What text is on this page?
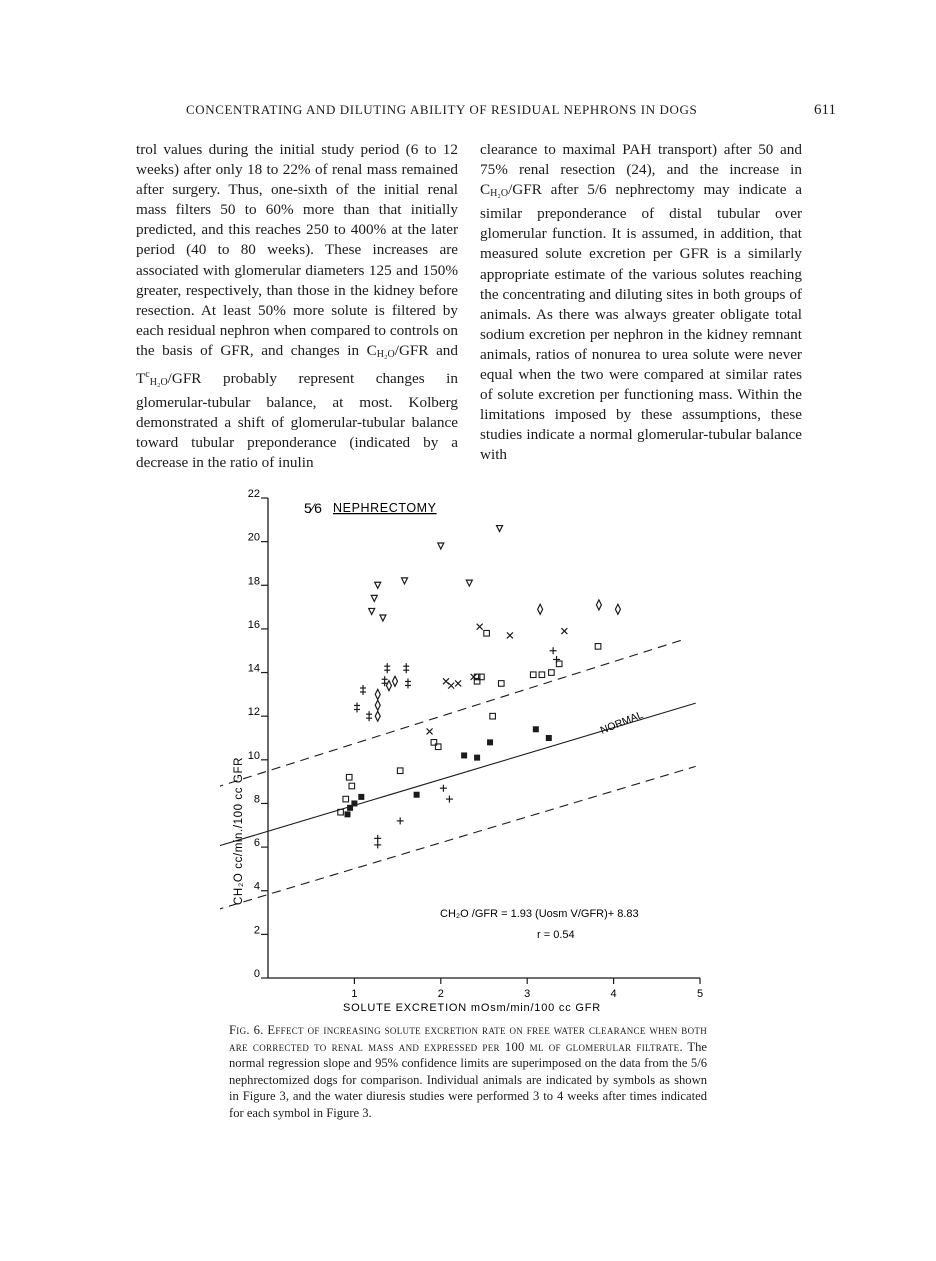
CONCENTRATING AND DILUTING ABILITY OF RESIDUAL NEPHRONS IN DOGS	611

trol values during the initial study period (6 to 12 weeks) after only 18 to 22% of renal mass remained after surgery. Thus, one-sixth of the initial renal mass filters 50 to 60% more than that initially predicted, and this reaches 250 to 400% at the later period (40 to 80 weeks). These increases are associated with glomerular diameters 125 and 150% greater, respectively, than those in the kidney before resection. At least 50% more solute is filtered by each residual nephron when compared to controls on the basis of GFR, and changes in $C_{H_2O}$/GFR and $T^c_{H_2O}$/GFR probably represent changes in glomerular-tubular balance, at most. Kolberg demonstrated a shift of glomerular-tubular balance toward tubular preponderance (indicated by a decrease in the ratio of inulin

clearance to maximal PAH transport) after 50 and 75% renal resection (24), and the increase in $C_{H_2O}$/GFR after 5/6 nephrectomy may indicate a similar preponderance of distal tubular over glomerular function. It is assumed, in addition, that measured solute excretion per GFR is a similarly appropriate estimate of the various solutes reaching the concentrating and diluting sites in both groups of animals. As there was always greater obligate total sodium excretion per nephron in the kidney remnant animals, ratios of nonurea to urea solute were never equal when the two were compared at similar rates of solute excretion per functioning mass. Within the limitations imposed by these assumptions, these studies indicate a normal glomerular-tubular balance with

1	2	3	4	5
0
2
4
6
8
10
12
14
16
18
20
22
5⁄6 NEPHRECTOMY
SOLUTE EXCRETION mOsm/min/100 cc GFR
CH₂O cc/min./100 cc GFR
CH₂O /GFR = 1.93 (Uosm V/GFR)+ 8.83
r = 0.54
NORMAL
Fig. 6. Effect of increasing solute excretion rate on free water clearance when both are corrected to renal mass and expressed per 100 ml of glomerular filtrate. The normal regression slope and 95% confidence limits are superimposed on the data from the 5/6 nephrectomized dogs for comparison. Individual animals are indicated by symbols as shown in Figure 3, and the water diuresis studies were performed 3 to 4 weeks after times indicated for each symbol in Figure 3.
